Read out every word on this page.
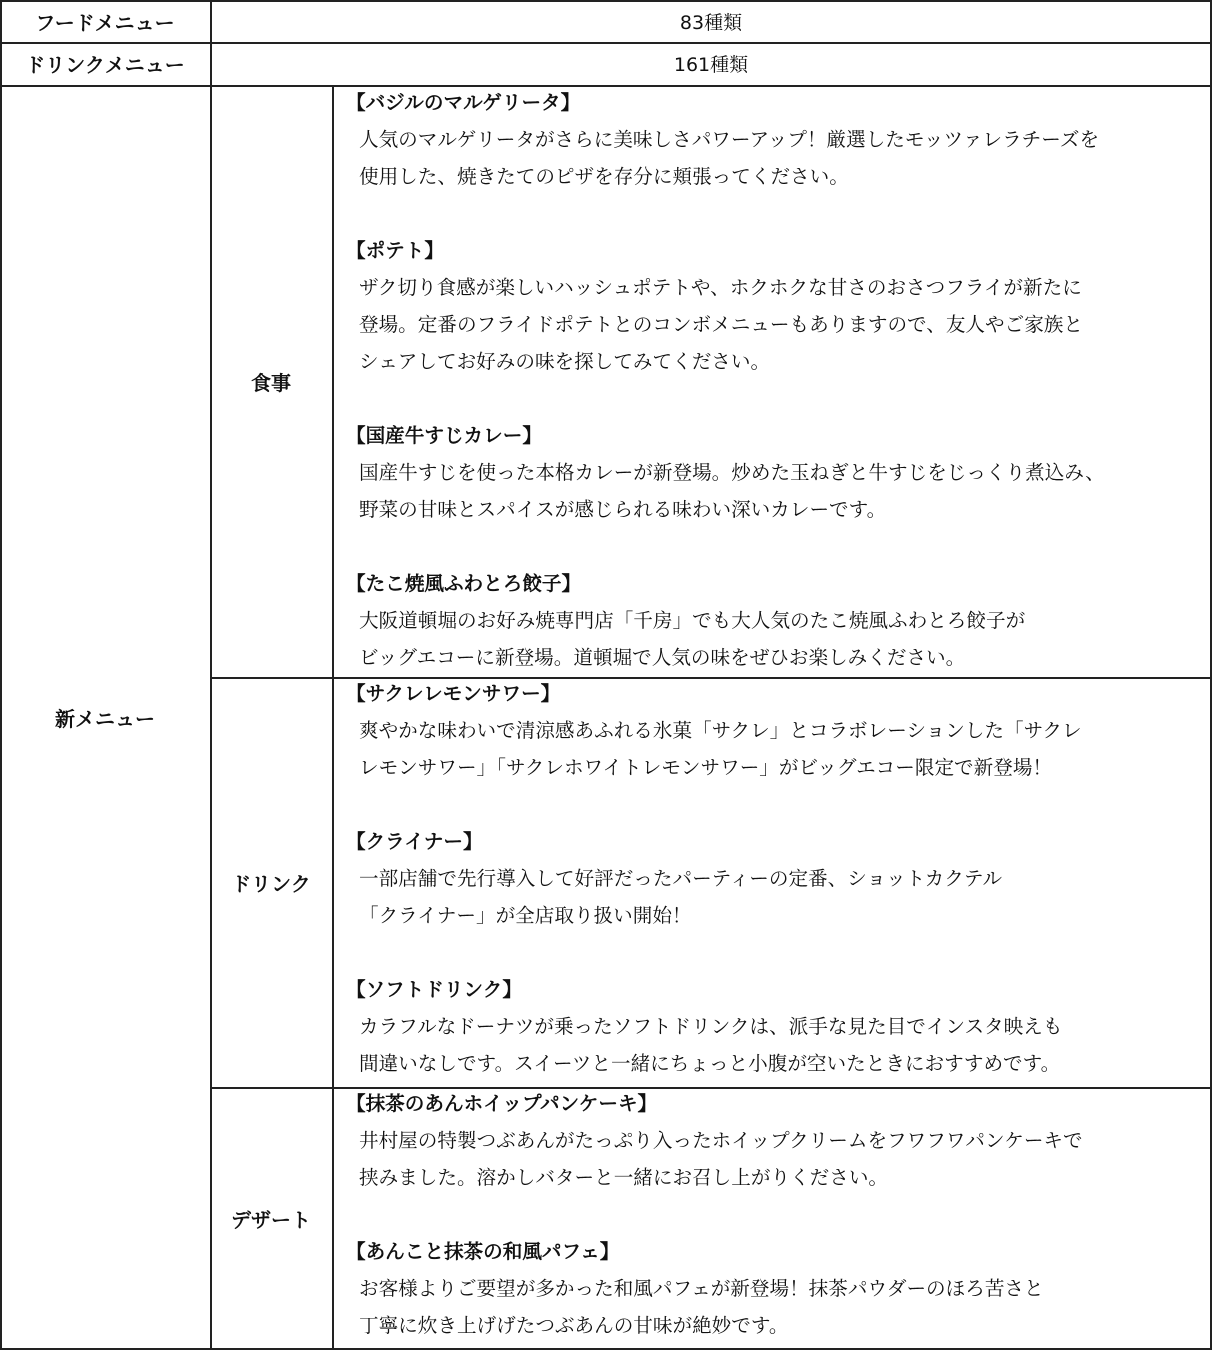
フードメニュー	83種類
ドリンクメニュー	161種類
新メニュー
食事
ドリンク
デザート
【バジルのマルゲリータ】
人気のマルゲリータがさらに美味しさパワーアップ！厳選したモッツァレラチーズを
使用した、焼きたてのピザを存分に頬張ってください。
【ポテト】
ザク切り食感が楽しいハッシュポテトや、ホクホクな甘さのおさつフライが新たに
登場。定番のフライドポテトとのコンボメニューもありますので、友人やご家族と
シェアしてお好みの味を探してみてください。
【国産牛すじカレー】
国産牛すじを使った本格カレーが新登場。炒めた玉ねぎと牛すじをじっくり煮込み、
野菜の甘味とスパイスが感じられる味わい深いカレーです。
【たこ焼風ふわとろ餃子】
大阪道頓堀のお好み焼専門店「千房」でも大人気のたこ焼風ふわとろ餃子が
ビッグエコーに新登場。道頓堀で人気の味をぜひお楽しみください。
【サクレレモンサワー】
爽やかな味わいで清涼感あふれる氷菓「サクレ」とコラボレーションした「サクレ
レモンサワー」「サクレホワイトレモンサワー」がビッグエコー限定で新登場！
【クライナー】
一部店舗で先行導入して好評だったパーティーの定番、ショットカクテル
「クライナー」が全店取り扱い開始！
【ソフトドリンク】
カラフルなドーナツが乗ったソフトドリンクは、派手な見た目でインスタ映えも
間違いなしです。スイーツと一緒にちょっと小腹が空いたときにおすすめです。
【抹茶のあんホイップパンケーキ】
井村屋の特製つぶあんがたっぷり入ったホイップクリームをフワフワパンケーキで
挟みました。溶かしバターと一緒にお召し上がりください。
【あんこと抹茶の和風パフェ】
お客様よりご要望が多かった和風パフェが新登場！抹茶パウダーのほろ苦さと
丁寧に炊き上げげたつぶあんの甘味が絶妙です。
